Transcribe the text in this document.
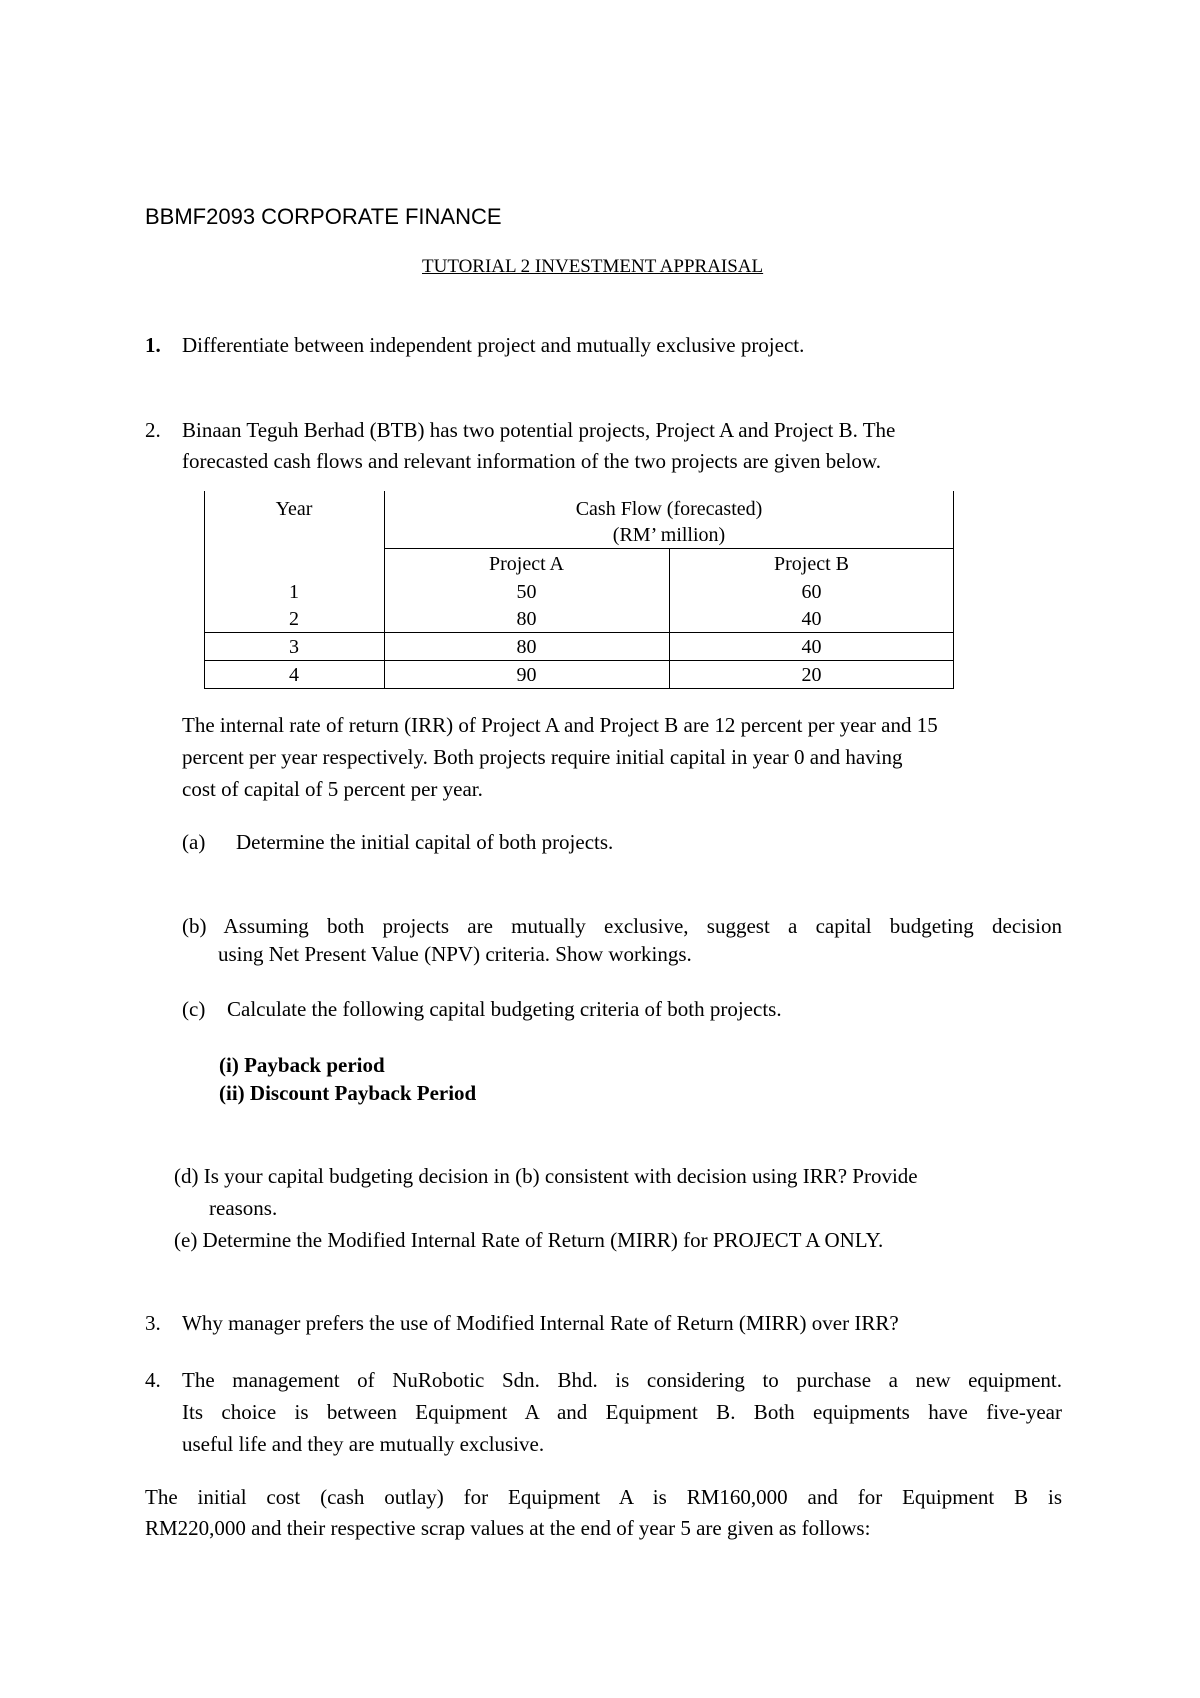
BBMF2093 CORPORATE FINANCE
TUTORIAL 2 INVESTMENT APPRAISAL
1. Differentiate between independent project and mutually exclusive project.
2. Binaan Teguh Berhad (BTB) has two potential projects, Project A and Project B. The
forecasted cash flows and relevant information of the two projects are given below.
Year	Cash Flow (forecasted)
(RM’ million)
Project A	Project B
1	50	60
2	80	40
3	80	40
4	90	20
The internal rate of return (IRR) of Project A and Project B are 12 percent per year and 15
percent per year respectively. Both projects require initial capital in year 0 and having
cost of capital of 5 percent per year.
(a) Determine the initial capital of both projects.
(b) Assuming both projects are mutually exclusive, suggest a capital budgeting decision
using Net Present Value (NPV) criteria. Show workings.
(c) Calculate the following capital budgeting criteria of both projects.
(i) Payback period
(ii) Discount Payback Period
(d) Is your capital budgeting decision in (b) consistent with decision using IRR? Provide
reasons.
(e) Determine the Modified Internal Rate of Return (MIRR) for PROJECT A ONLY.
3. Why manager prefers the use of Modified Internal Rate of Return (MIRR) over IRR?
4. The management of NuRobotic Sdn. Bhd. is considering to purchase a new equipment.
Its choice is between Equipment A and Equipment B. Both equipments have five-year
useful life and they are mutually exclusive.
The initial cost (cash outlay) for Equipment A is RM160,000 and for Equipment B is
RM220,000 and their respective scrap values at the end of year 5 are given as follows:
